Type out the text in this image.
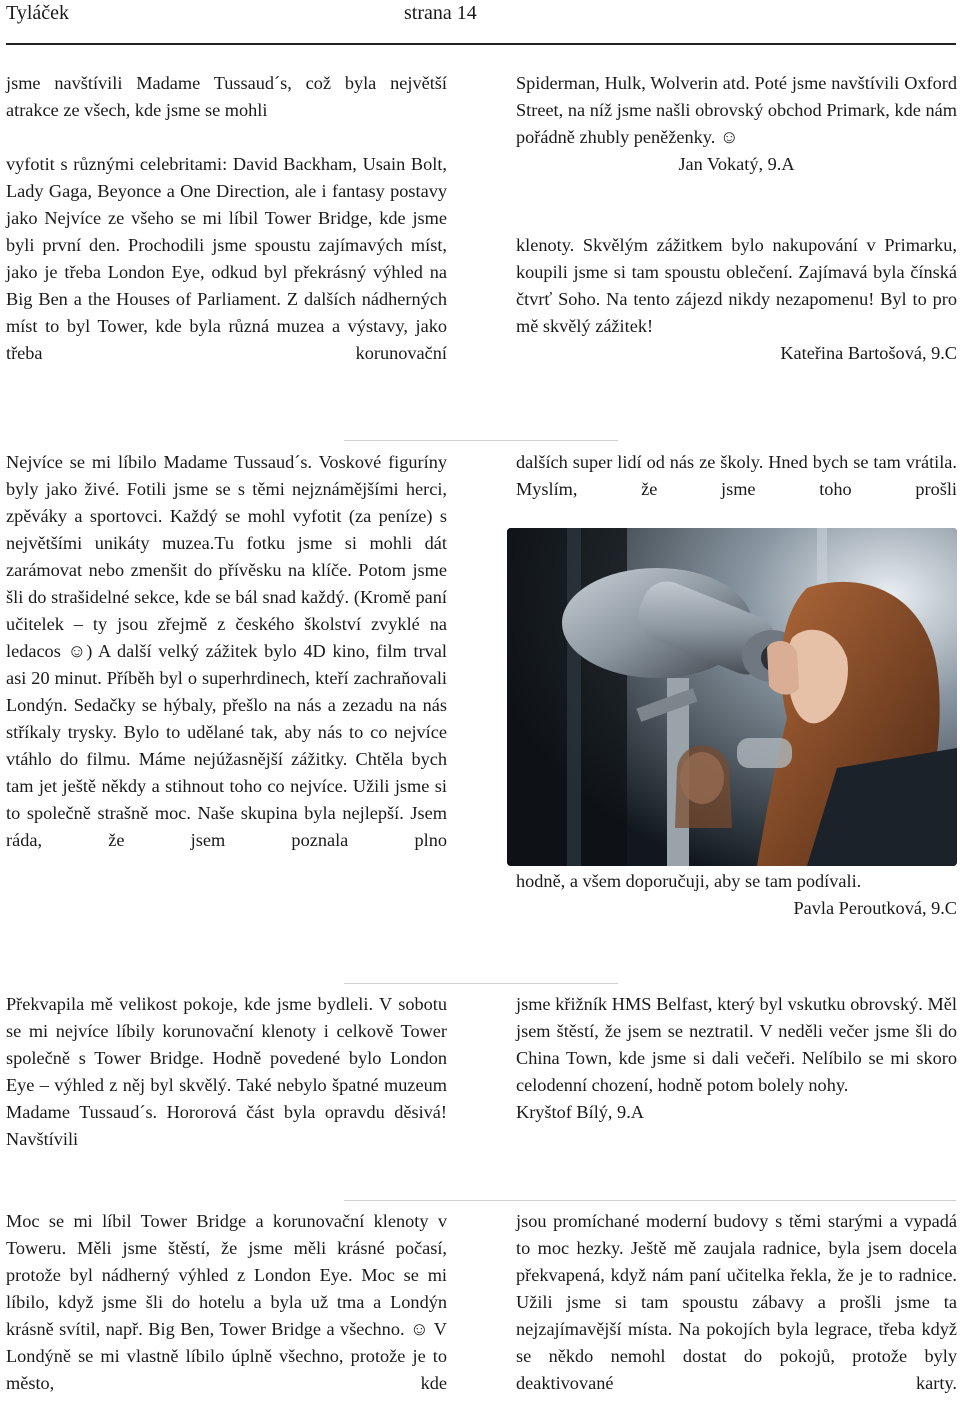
Tyláček	strana 14

jsme navštívili Madame Tussaud´s, což byla největší atrakce ze všech, kde jsme se mohli

vyfotit s různými celebritami: David Backham, Usain Bolt, Lady Gaga, Beyonce a One Direction, ale i fantasy postavy jako Nejvíce ze všeho se mi líbil Tower Bridge, kde jsme byli první den. Prochodili jsme spoustu zajímavých míst, jako je třeba London Eye, odkud byl překrásný výhled na Big Ben a the Houses of Parliament. Z dalších nádherných míst to byl Tower, kde byla různá muzea a výstavy, jako třeba korunovační

Spiderman, Hulk, Wolverin atd. Poté jsme navštívili Oxford Street, na níž jsme našli obrovský obchod Primark, kde nám pořádně zhubly peněženky. ☺

Jan Vokatý, 9.A

klenoty. Skvělým zážitkem bylo nakupování v Primarku, koupili jsme si tam spoustu oblečení. Zajímavá byla čínská čtvrť Soho. Na tento zájezd nikdy nezapomenu! Byl to pro mě skvělý zážitek!

Kateřina Bartošová, 9.C

Nejvíce se mi líbilo Madame Tussaud´s. Voskové figuríny byly jako živé. Fotili jsme se s těmi nejznámějšími herci, zpěváky a sportovci. Každý se mohl vyfotit (za peníze) s největšími unikáty muzea.Tu fotku jsme si mohli dát zarámovat nebo zmenšit do přívěsku na klíče. Potom jsme šli do strašidelné sekce, kde se bál snad každý. (Kromě paní učitelek – ty jsou zřejmě z českého školství zvyklé na ledacos ☺) A další velký zážitek bylo 4D kino, film trval asi 20 minut. Příběh byl o superhrdinech, kteří zachraňovali Londýn. Sedačky se hýbaly, přešlo na nás a zezadu na nás stříkaly trysky. Bylo to udělané tak, aby nás to co nejvíce vtáhlo do filmu. Máme nejúžasnější zážitky. Chtěla bych tam jet ještě někdy a stihnout toho co nejvíce. Užili jsme si to společně strašně moc. Naše skupina byla nejlepší. Jsem ráda, že jsem poznala plno

dalších super lidí od nás ze školy. Hned bych se tam vrátila. Myslím, že jsme toho prošli

hodně, a všem doporučuji, aby se tam podívali.

Pavla Peroutková, 9.C

Překvapila mě velikost pokoje, kde jsme bydleli. V sobotu se mi nejvíce líbily korunovační klenoty i celkově Tower společně s Tower Bridge. Hodně povedené bylo London Eye – výhled z něj byl skvělý. Také nebylo špatné muzeum Madame Tussaud´s. Hororová část byla opravdu děsivá! Navštívili

jsme křižník HMS Belfast, který byl vskutku obrovský. Měl jsem štěstí, že jsem se neztratil. V neděli večer jsme šli do China Town, kde jsme si dali večeři. Nelíbilo se mi skoro celodenní chození, hodně potom bolely nohy.

Kryštof Bílý, 9.A

Moc se mi líbil Tower Bridge a korunovační klenoty v Toweru. Měli jsme štěstí, že jsme měli krásné počasí, protože byl nádherný výhled z London Eye. Moc se mi líbilo, když jsme šli do hotelu a byla už tma a Londýn krásně svítil, např. Big Ben, Tower Bridge a všechno. ☺ V Londýně se mi vlastně líbilo úplně všechno, protože je to město, kde

jsou promíchané moderní budovy s těmi starými a vypadá to moc hezky. Ještě mě zaujala radnice, byla jsem docela překvapená, když nám paní učitelka řekla, že je to radnice. Užili jsme si tam spoustu zábavy a prošli jsme ta nejzajímavější místa. Na pokojích byla legrace, třeba když se někdo nemohl dostat do pokojů, protože byly deaktivované karty.
